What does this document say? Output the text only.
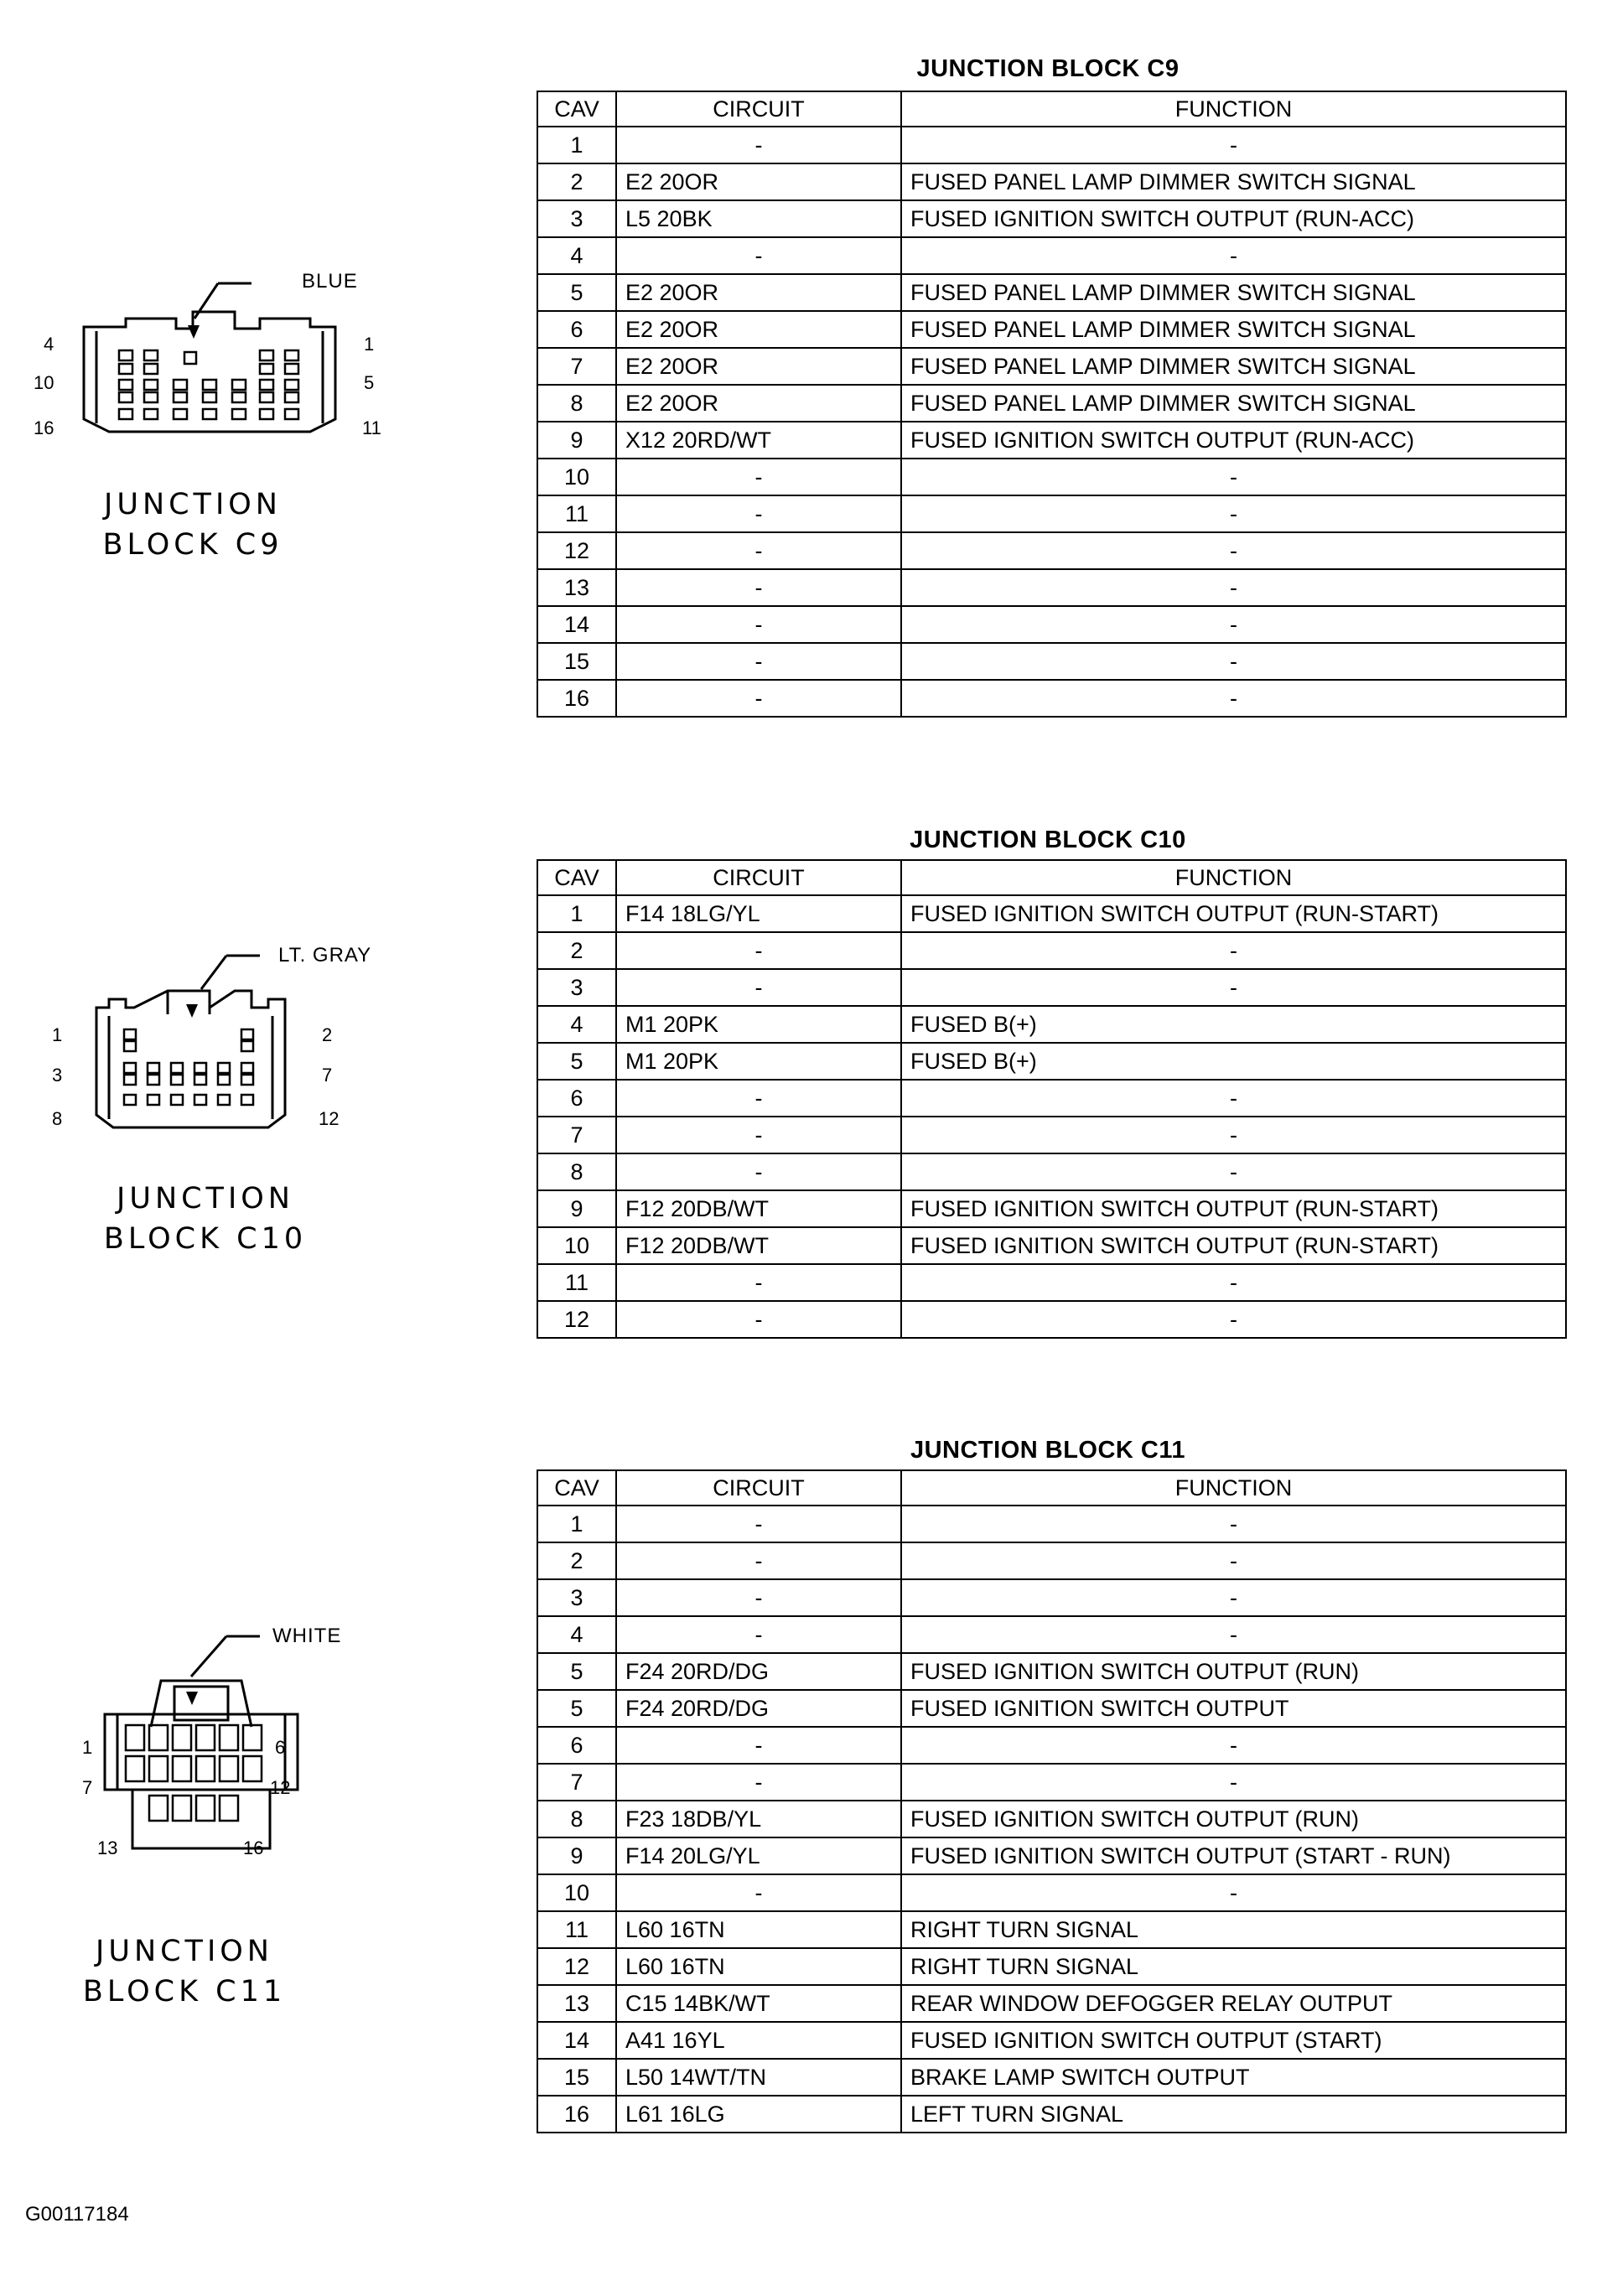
JUNCTION BLOCK C9
CAV	CIRCUIT	FUNCTION
1	-	-
2	E2 20OR	FUSED PANEL LAMP DIMMER SWITCH SIGNAL
3	L5 20BK	FUSED IGNITION SWITCH OUTPUT (RUN-ACC)
4	-	-
5	E2 20OR	FUSED PANEL LAMP DIMMER SWITCH SIGNAL
6	E2 20OR	FUSED PANEL LAMP DIMMER SWITCH SIGNAL
7	E2 20OR	FUSED PANEL LAMP DIMMER SWITCH SIGNAL
8	E2 20OR	FUSED PANEL LAMP DIMMER SWITCH SIGNAL
9	X12 20RD/WT	FUSED IGNITION SWITCH OUTPUT (RUN-ACC)
10	-	-
11	-	-
12	-	-
13	-	-
14	-	-
15	-	-
16	-	-
BLUE
4
10
16
1
5
11
JUNCTION
BLOCK C9
JUNCTION BLOCK C10
CAV	CIRCUIT	FUNCTION
1	F14 18LG/YL	FUSED IGNITION SWITCH OUTPUT (RUN-START)
2	-	-
3	-	-
4	M1 20PK	FUSED B(+)
5	M1 20PK	FUSED B(+)
6	-	-
7	-	-
8	-	-
9	F12 20DB/WT	FUSED IGNITION SWITCH OUTPUT (RUN-START)
10	F12 20DB/WT	FUSED IGNITION SWITCH OUTPUT (RUN-START)
11	-	-
12	-	-
LT. GRAY
1
3
8
2
7
12
JUNCTION
BLOCK C10
JUNCTION BLOCK C11
CAV	CIRCUIT	FUNCTION
1	-	-
2	-	-
3	-	-
4	-	-
5	F24 20RD/DG	FUSED IGNITION SWITCH OUTPUT (RUN)
5	F24 20RD/DG	FUSED IGNITION SWITCH OUTPUT
6	-	-
7	-	-
8	F23 18DB/YL	FUSED IGNITION SWITCH OUTPUT (RUN)
9	F14 20LG/YL	FUSED IGNITION SWITCH OUTPUT (START - RUN)
10	-	-
11	L60 16TN	RIGHT TURN SIGNAL
12	L60 16TN	RIGHT TURN SIGNAL
13	C15 14BK/WT	REAR WINDOW DEFOGGER RELAY OUTPUT
14	A41 16YL	FUSED IGNITION SWITCH OUTPUT (START)
15	L50 14WT/TN	BRAKE LAMP SWITCH OUTPUT
16	L61 16LG	LEFT TURN SIGNAL
WHITE
1
7
13
6
12
16
JUNCTION
BLOCK C11
G00117184
